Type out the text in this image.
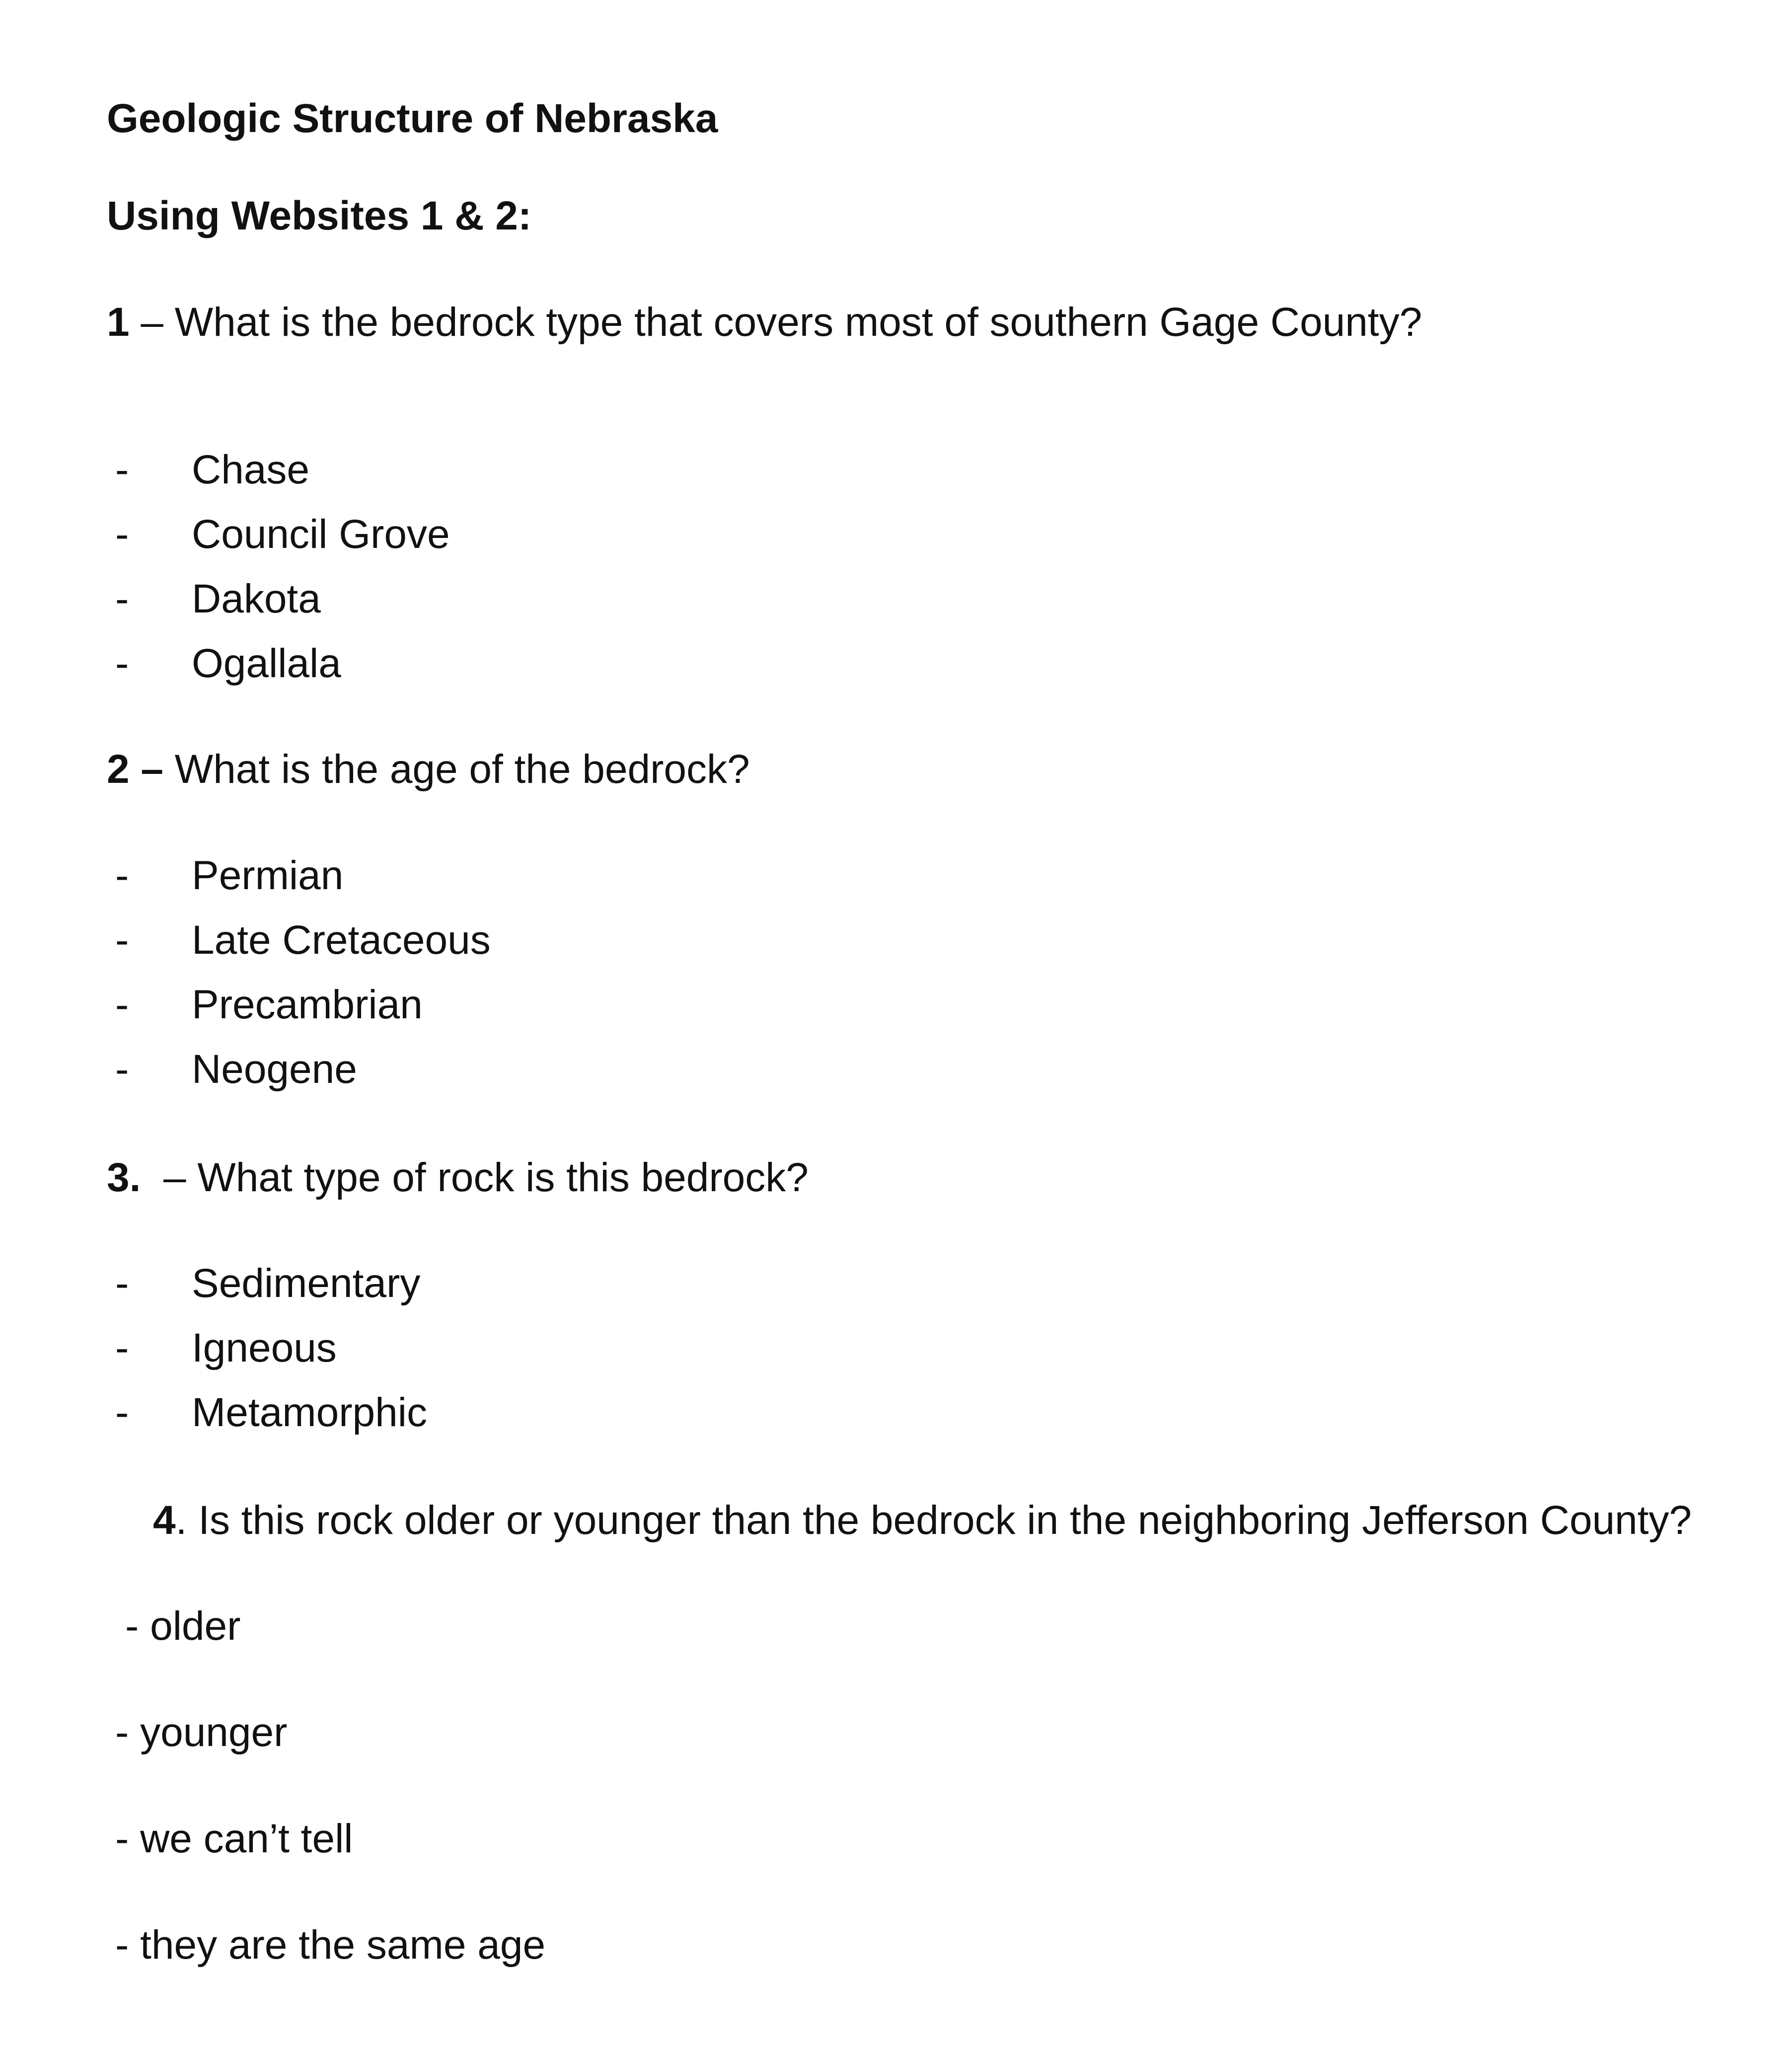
Geologic Structure of Nebraska
Using Websites 1 & 2:
1 – What is the bedrock type that covers most of southern Gage County?
- Chase
- Council Grove
- Dakota
- Ogallala
2 – What is the age of the bedrock?
- Permian
- Late Cretaceous
- Precambrian
- Neogene
3.  – What type of rock is this bedrock?
- Sedimentary
- Igneous
- Metamorphic
4. Is this rock older or younger than the bedrock in the neighboring Jefferson County?
- older
- younger
- we can’t tell
- they are the same age
